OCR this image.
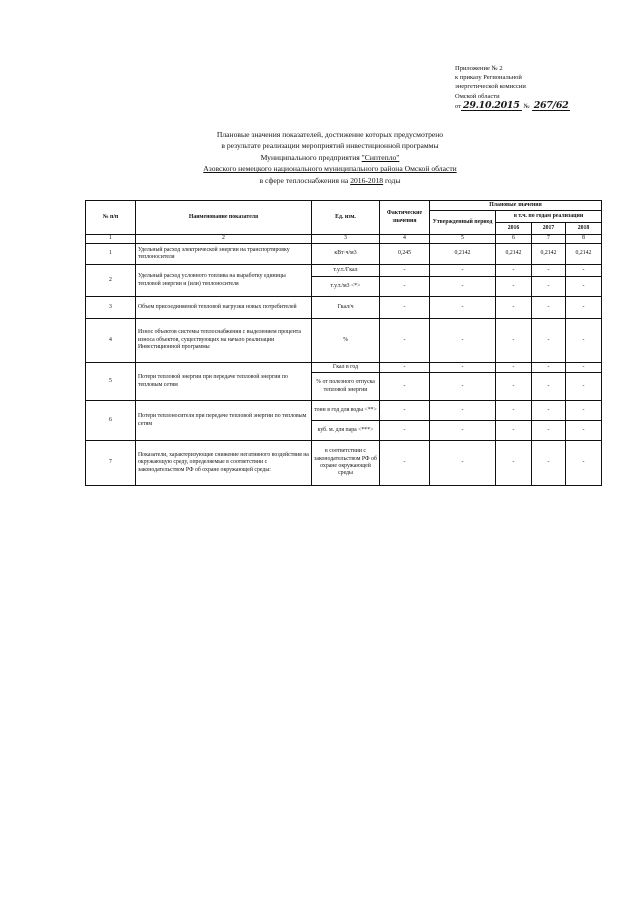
Приложение № 2
к приказу Региональной
энергетической комиссии
Омской области
от 29.10.2015 № 267/62
Плановые значения показателей, достижение которых предусмотрено
в результате реализации мероприятий инвестиционной программы
Муниципального предприятия "Снптеплo"
Азовского немецкого национального муниципального района Омской области
в сфере теплоснабжения на 2016-2018 годы
№ п/п	Наименование показателя	Ед. изм.	Фактические значения	Плановые значения			
				Утвержденный период	в т.ч. по годам реализации		
					2016	2017	2018
1	2	3	4	5	6	7	8
1	Удельный расход электрической энергии на транспортировку теплоносителя	кВт·ч/м3	0,245	0,2142	0,2142	0,2142	0,2142
2	Удельный расход условного топлива на выработку единицы тепловой энергии и (или) теплоносителя	т.у.т./Гкал	-	-	-	-	-
		т.у.т./м3 <*>	-	-	-	-	-
3	Объем присоединяемой тепловой нагрузки новых потребителей	Гкал/ч	-	-	-	-	-
4	Износ объектов системы теплоснабжения с выделением процента износа объектов, существующих на начало реализации Инвестиционной программы	%	-	-	-	-	-
5	Потери тепловой энергии при передаче тепловой энергии по тепловым сетям	Гкал в год	-	-	-	-	-
		% от полезного отпуска тепловой энергии	-	-	-	-	-
6	Потери теплоносителя при передаче тепловой энергии по тепловым сетям	тонн в год для воды <**>	-	-	-	-	-
		куб. м. для пара <***>	-	-	-	-	-
7	Показатели, характеризующие снижение негативного воздействия на окружающую среду, определяемые в соответствии с законодательством РФ об охране окружающей среды:	в соответствии с законодательством РФ об охране окружающей среды	-	-	-	-	-
